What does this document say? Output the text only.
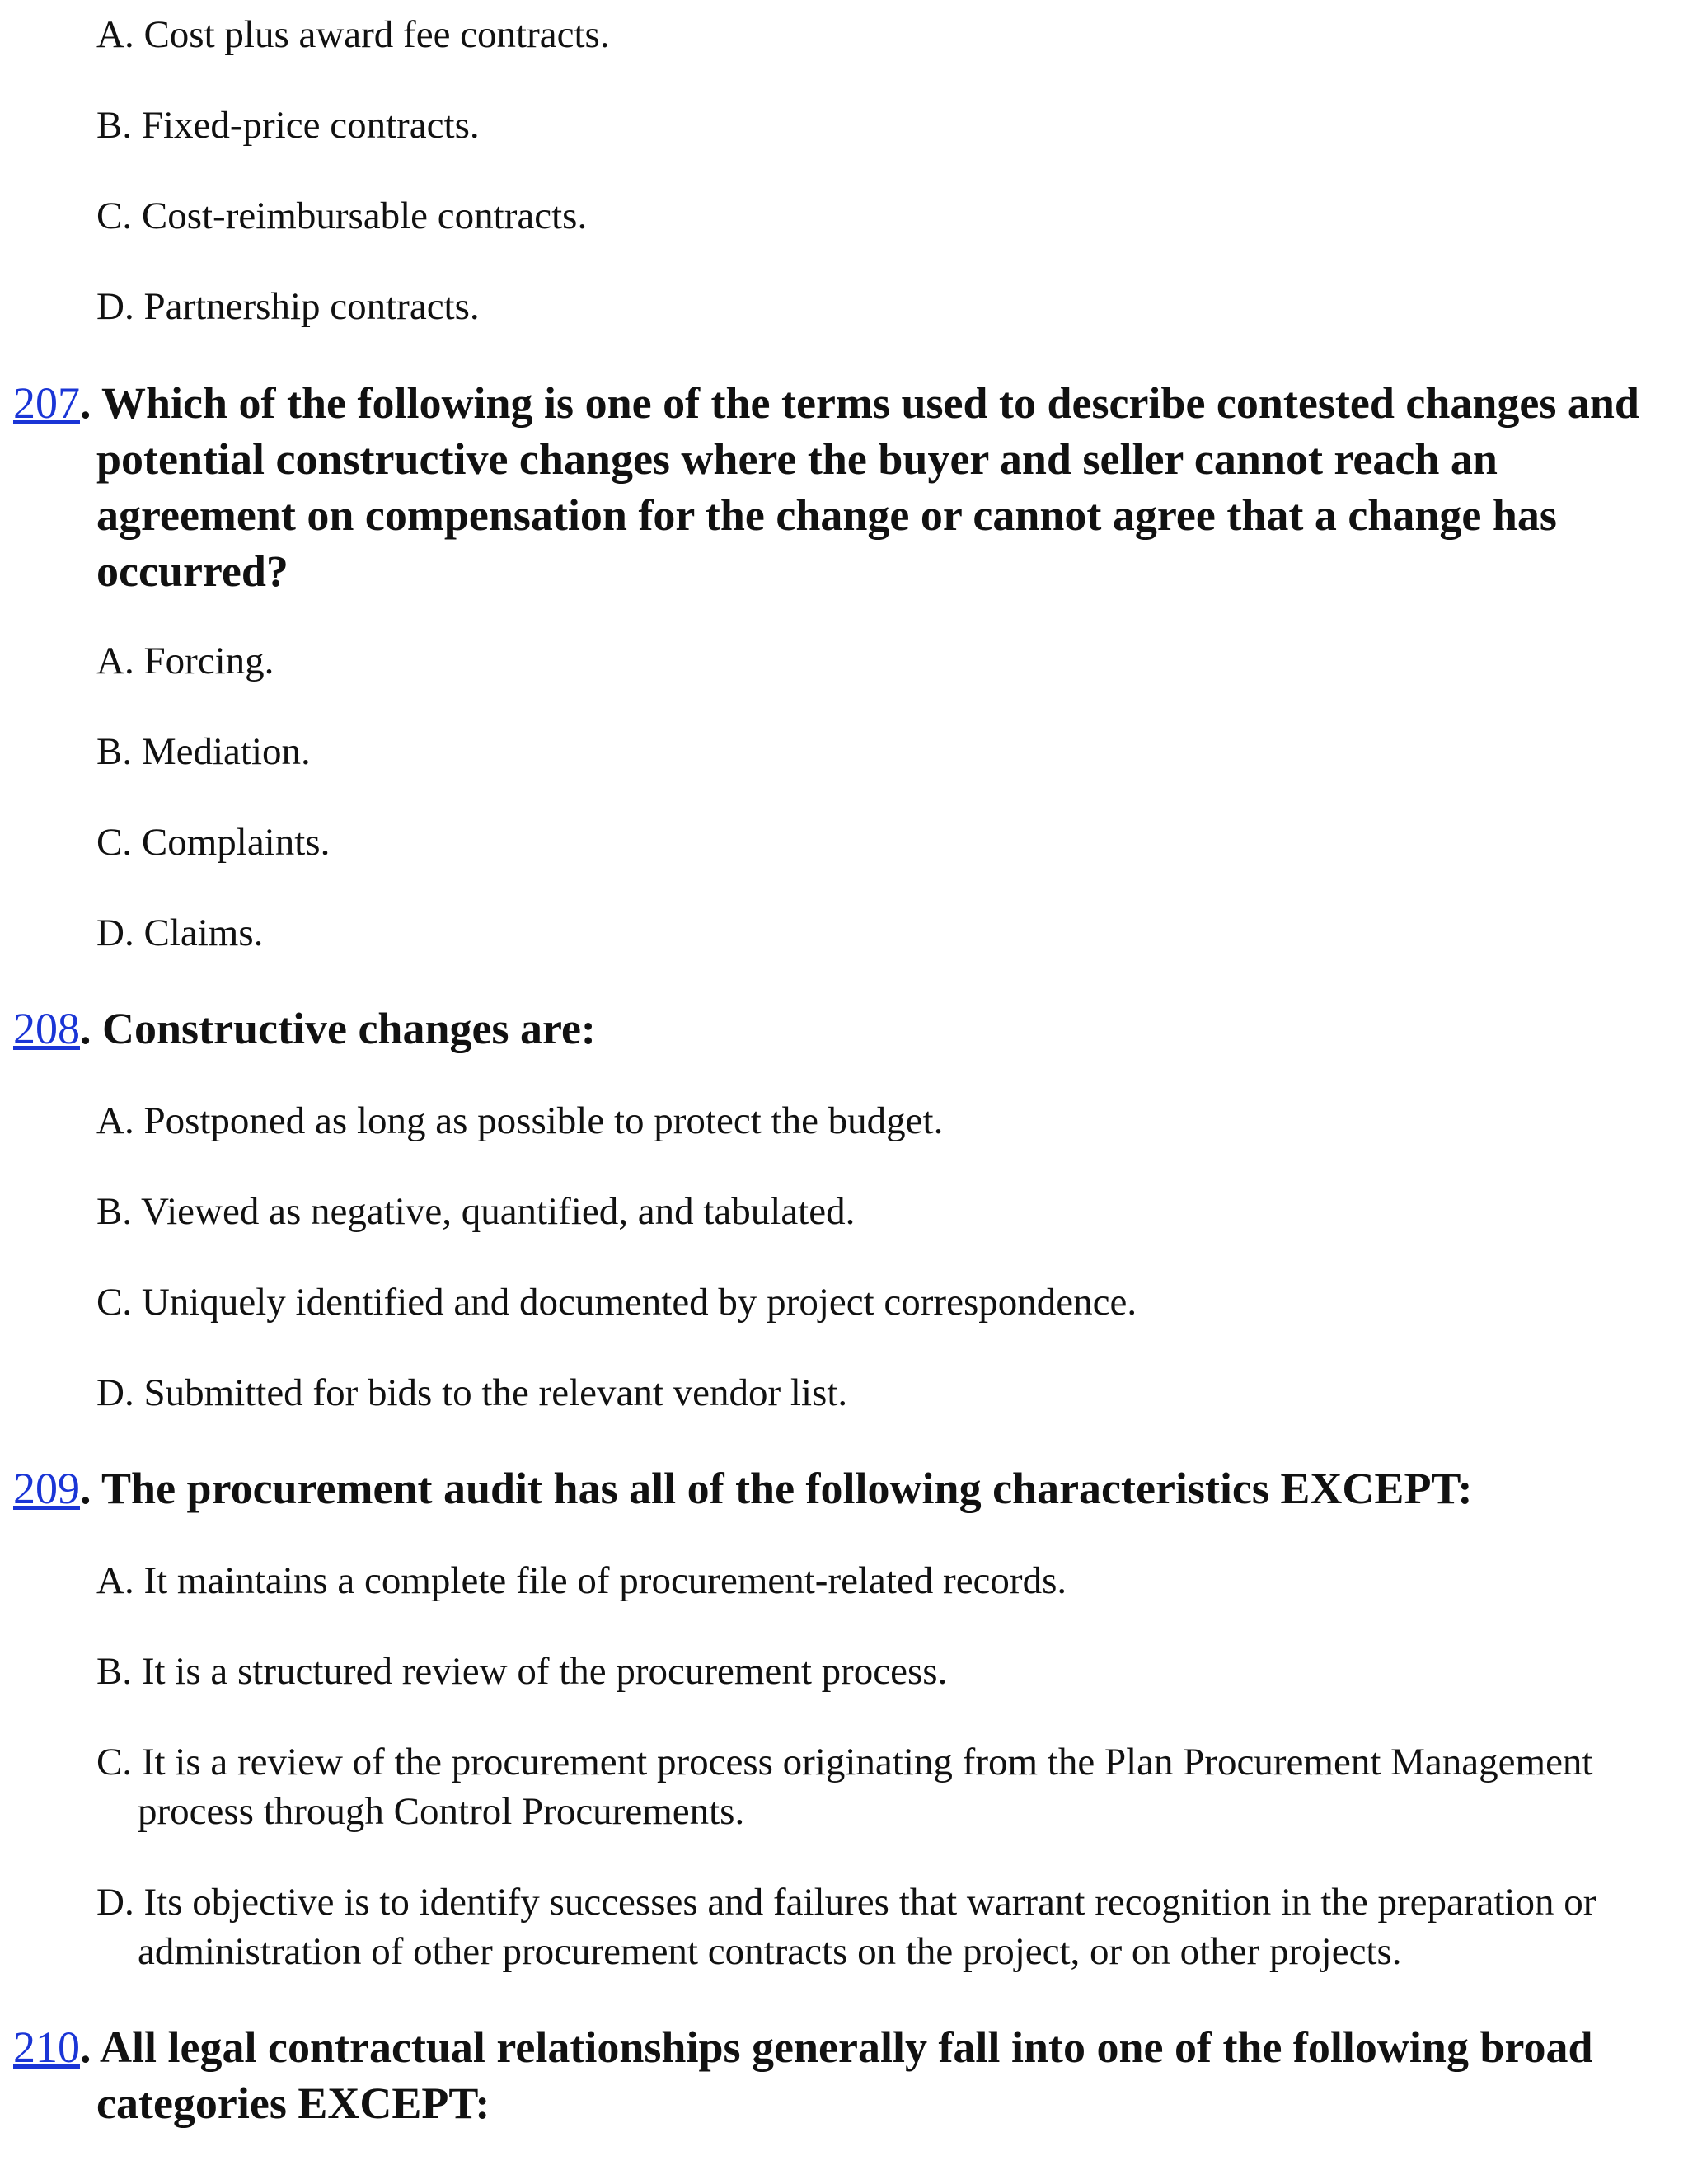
A. Cost plus award fee contracts.
B. Fixed-price contracts.
C. Cost-reimbursable contracts.
D. Partnership contracts.
207. Which of the following is one of the terms used to describe contested changes and potential constructive changes where the buyer and seller cannot reach an agreement on compensation for the change or cannot agree that a change has occurred?
A. Forcing.
B. Mediation.
C. Complaints.
D. Claims.
208. Constructive changes are:
A. Postponed as long as possible to protect the budget.
B. Viewed as negative, quantified, and tabulated.
C. Uniquely identified and documented by project correspondence.
D. Submitted for bids to the relevant vendor list.
209. The procurement audit has all of the following characteristics EXCEPT:
A. It maintains a complete file of procurement-related records.
B. It is a structured review of the procurement process.
C. It is a review of the procurement process originating from the Plan Procurement Management process through Control Procurements.
D. Its objective is to identify successes and failures that warrant recognition in the preparation or administration of other procurement contracts on the project, or on other projects.
210. All legal contractual relationships generally fall into one of the following broad categories EXCEPT:
